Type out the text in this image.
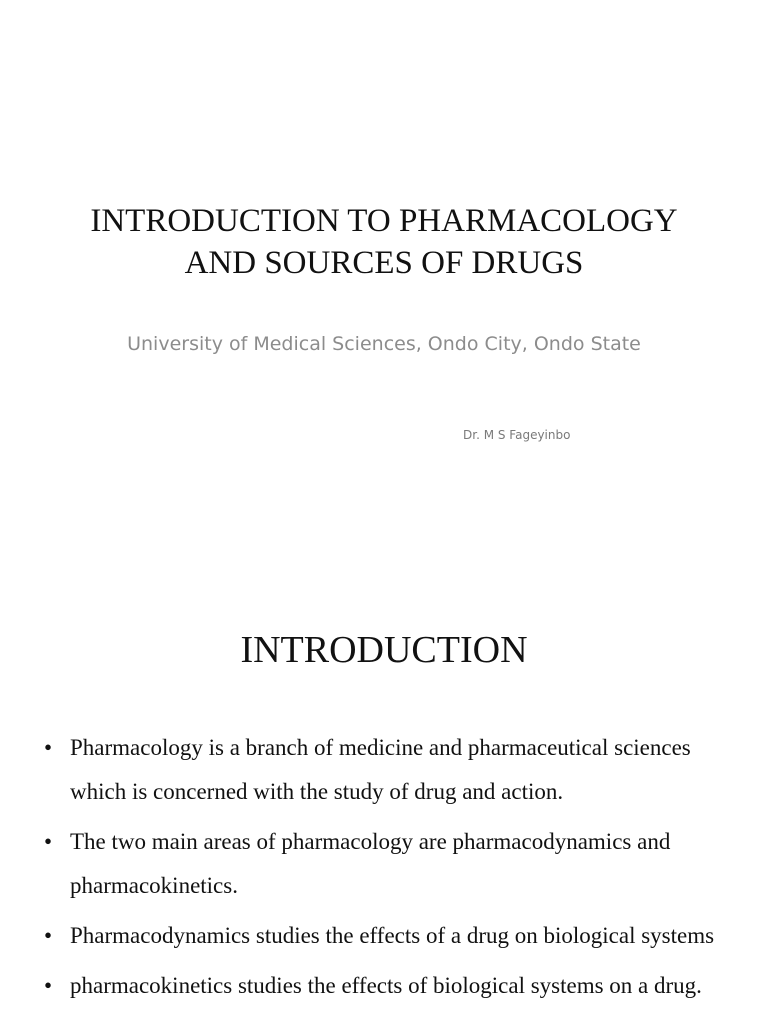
INTRODUCTION TO PHARMACOLOGY
AND SOURCES OF DRUGS
University of Medical Sciences, Ondo City, Ondo State
Dr. M S Fageyinbo
INTRODUCTION
• Pharmacology is a branch of medicine and pharmaceutical sciences which is concerned with the study of drug and action.
• The two main areas of pharmacology are pharmacodynamics and pharmacokinetics.
• Pharmacodynamics studies the effects of a drug on biological systems
• pharmacokinetics studies the effects of biological systems on a drug.
